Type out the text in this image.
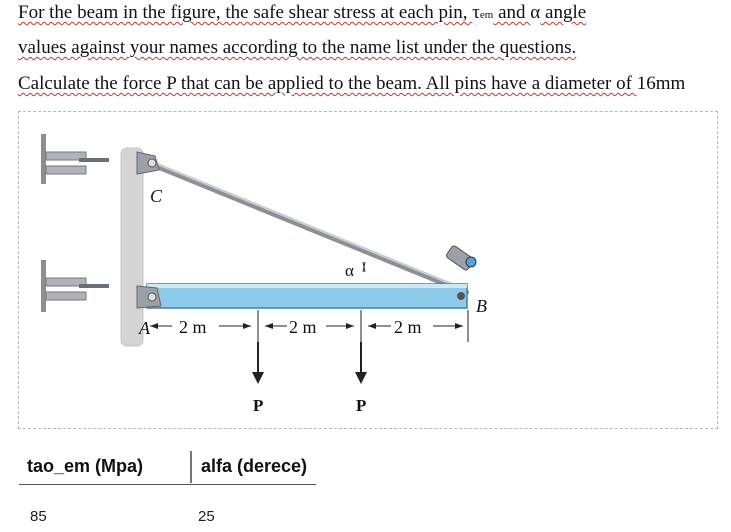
For the beam in the figure, the safe shear stress at each pin, τem and α angle

values against your names according to the name list under the questions.

Calculate the force P that can be applied to the beam. All pins have a diameter of 16mm

C
A
B
α
2 m	2 m	2 m
P	P
tao_em (Mpa)	alfa (derece)
85	25
